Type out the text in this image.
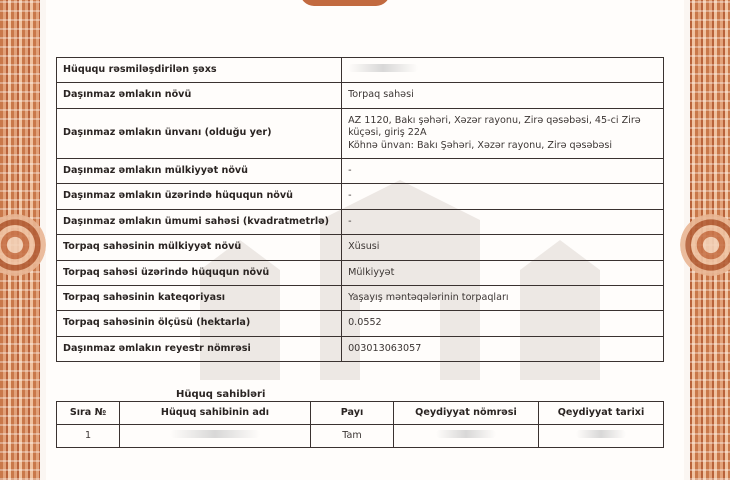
Hüququ rəsmiləşdirilən şəxs	
Daşınmaz əmlakın növü	Torpaq sahəsi
Daşınmaz əmlakın ünvanı (olduğu yer)	AZ 1120, Bakı şəhəri, Xəzər rayonu, Zirə qəsəbəsi, 45-ci Zirə
küçəsi, giriş 22A
Köhnə ünvan: Bakı Şəhəri, Xəzər rayonu, Zirə qəsəbəsi

Daşınmaz əmlakın mülkiyyət növü	-
Daşınmaz əmlakın üzərində hüququn növü	-
Daşınmaz əmlakın ümumi sahəsi (kvadratmetrlə)	-
Torpaq sahəsinin mülkiyyət növü	Xüsusi
Torpaq sahəsi üzərində hüququn növü	Mülkiyyət
Torpaq sahəsinin kateqoriyası	Yaşayış məntəqələrinin torpaqları
Torpaq sahəsinin ölçüsü (hektarla)	0.0552
Daşınmaz əmlakın reyestr nömrəsi	003013063057
Hüquq sahibləri
Sıra №	Hüquq sahibinin adı	Payı	Qeydiyyat nömrəsi	Qeydiyyat tarixi
1		Tam		
